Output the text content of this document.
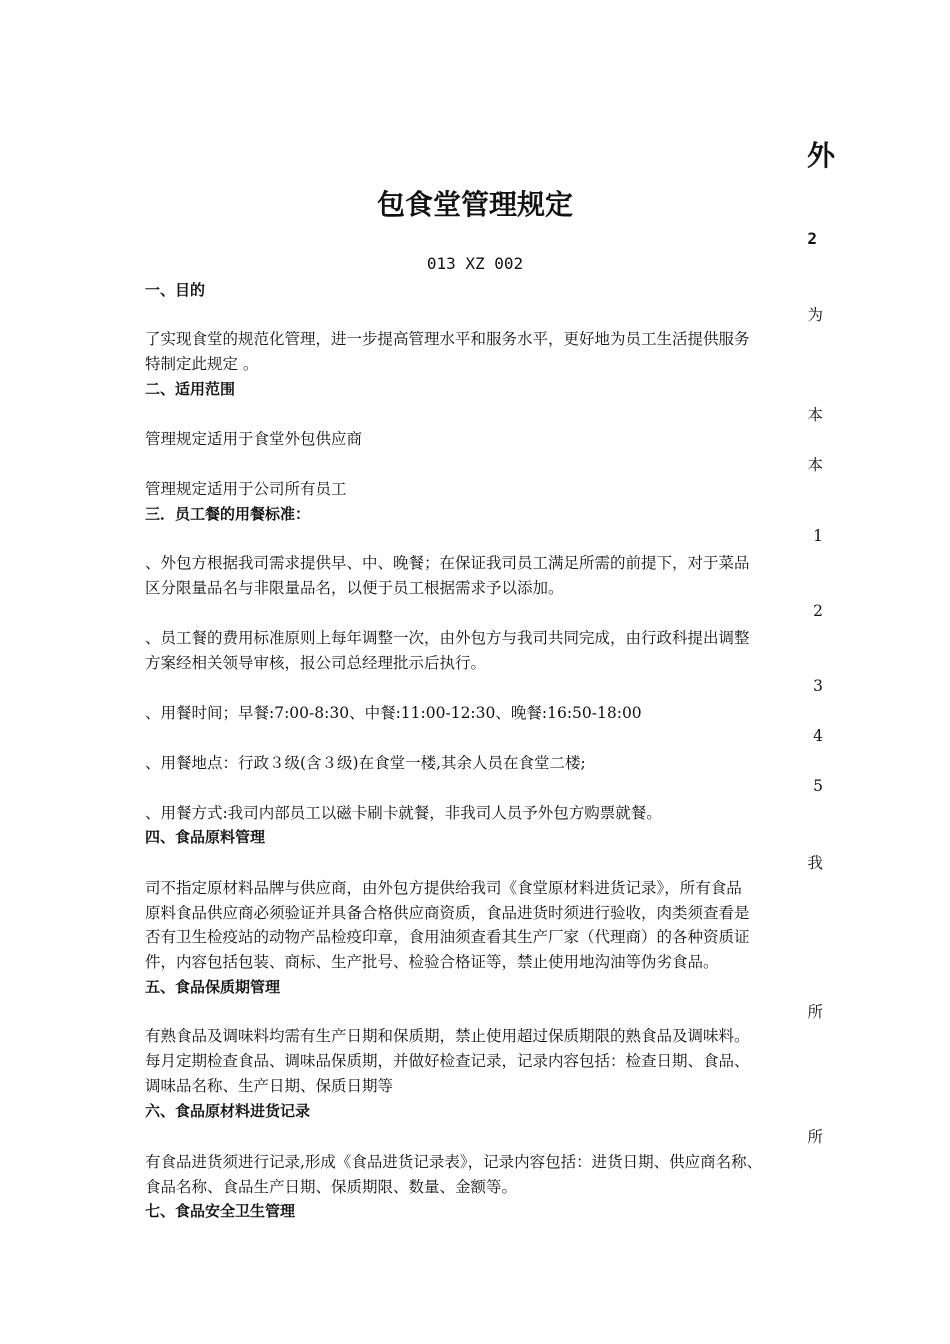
外
包食堂管理规定
2
013 XZ 002
一、目的
为
了实现食堂的规范化管理，进一步提高管理水平和服务水平，更好地为员工生活提供服务
特制定此规定 。
二、适用范围
本
管理规定适用于食堂外包供应商
本
管理规定适用于公司所有员工
三．员工餐的用餐标准：
1
、外包方根据我司需求提供早、中、晚餐；在保证我司员工满足所需的前提下，对于菜品
区分限量品名与非限量品名，以便于员工根据需求予以添加。
2
、员工餐的费用标准原则上每年调整一次，由外包方与我司共同完成，由行政科提出调整
方案经相关领导审核，报公司总经理批示后执行。
3
、用餐时间；早餐:7:00-8:30、中餐:11:00-12:30、晚餐:16:50-18:00
4
、用餐地点：行政３级(含３级)在食堂一楼,其余人员在食堂二楼;
5
、用餐方式:我司内部员工以磁卡刷卡就餐，非我司人员予外包方购票就餐。
四、食品原料管理
我
司不指定原材料品牌与供应商，由外包方提供给我司《食堂原材料进货记录》，所有食品
原料食品供应商必须验证并具备合格供应商资质，食品进货时须进行验收，肉类须查看是
否有卫生检疫站的动物产品检疫印章，食用油须查看其生产厂家（代理商）的各种资质证
件，内容包括包装、商标、生产批号、检验合格证等，禁止使用地沟油等伪劣食品。
五、食品保质期管理
所
有熟食品及调味料均需有生产日期和保质期，禁止使用超过保质期限的熟食品及调味料。
每月定期检查食品、调味品保质期，并做好检查记录，记录内容包括：检查日期、食品、
调味品名称、生产日期、保质日期等
六、食品原材料进货记录
所
有食品进货须进行记录,形成《食品进货记录表》，记录内容包括：进货日期、供应商名称、
食品名称、食品生产日期、保质期限、数量、金额等。
七、食品安全卫生管理
